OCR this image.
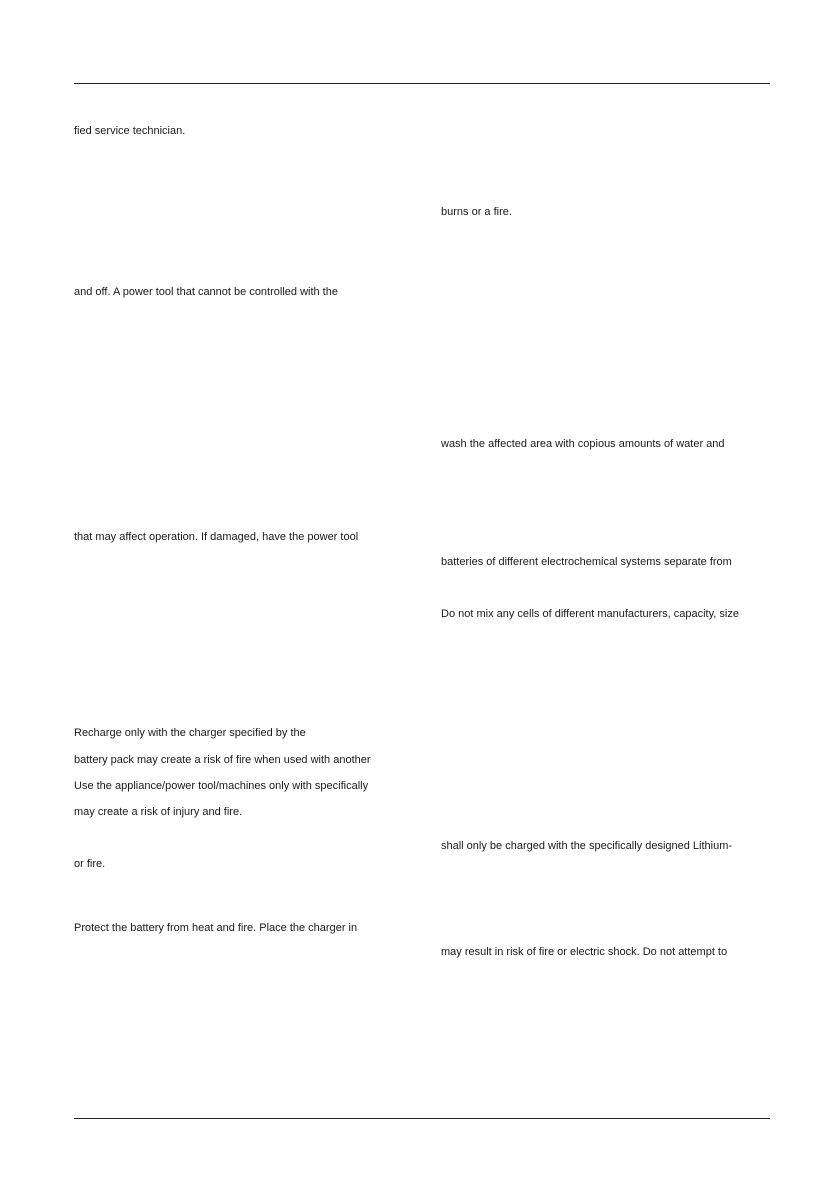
fied service technician.
and off. A power tool that cannot be controlled with the
that may affect operation. If damaged, have the power tool
Recharge only with the charger specified by the
battery pack may create a risk of fire when used with another
Use the appliance/power tool/machines only with specifically
may create a risk of injury and fire.
or fire.
Protect the battery from heat and fire. Place the charger in
burns or a fire.
wash the affected area with copious amounts of water and
batteries of different electrochemical systems separate from
Do not mix any cells of different manufacturers, capacity, size
shall only be charged with the specifically designed Lithium-
may result in risk of fire or electric shock. Do not attempt to
